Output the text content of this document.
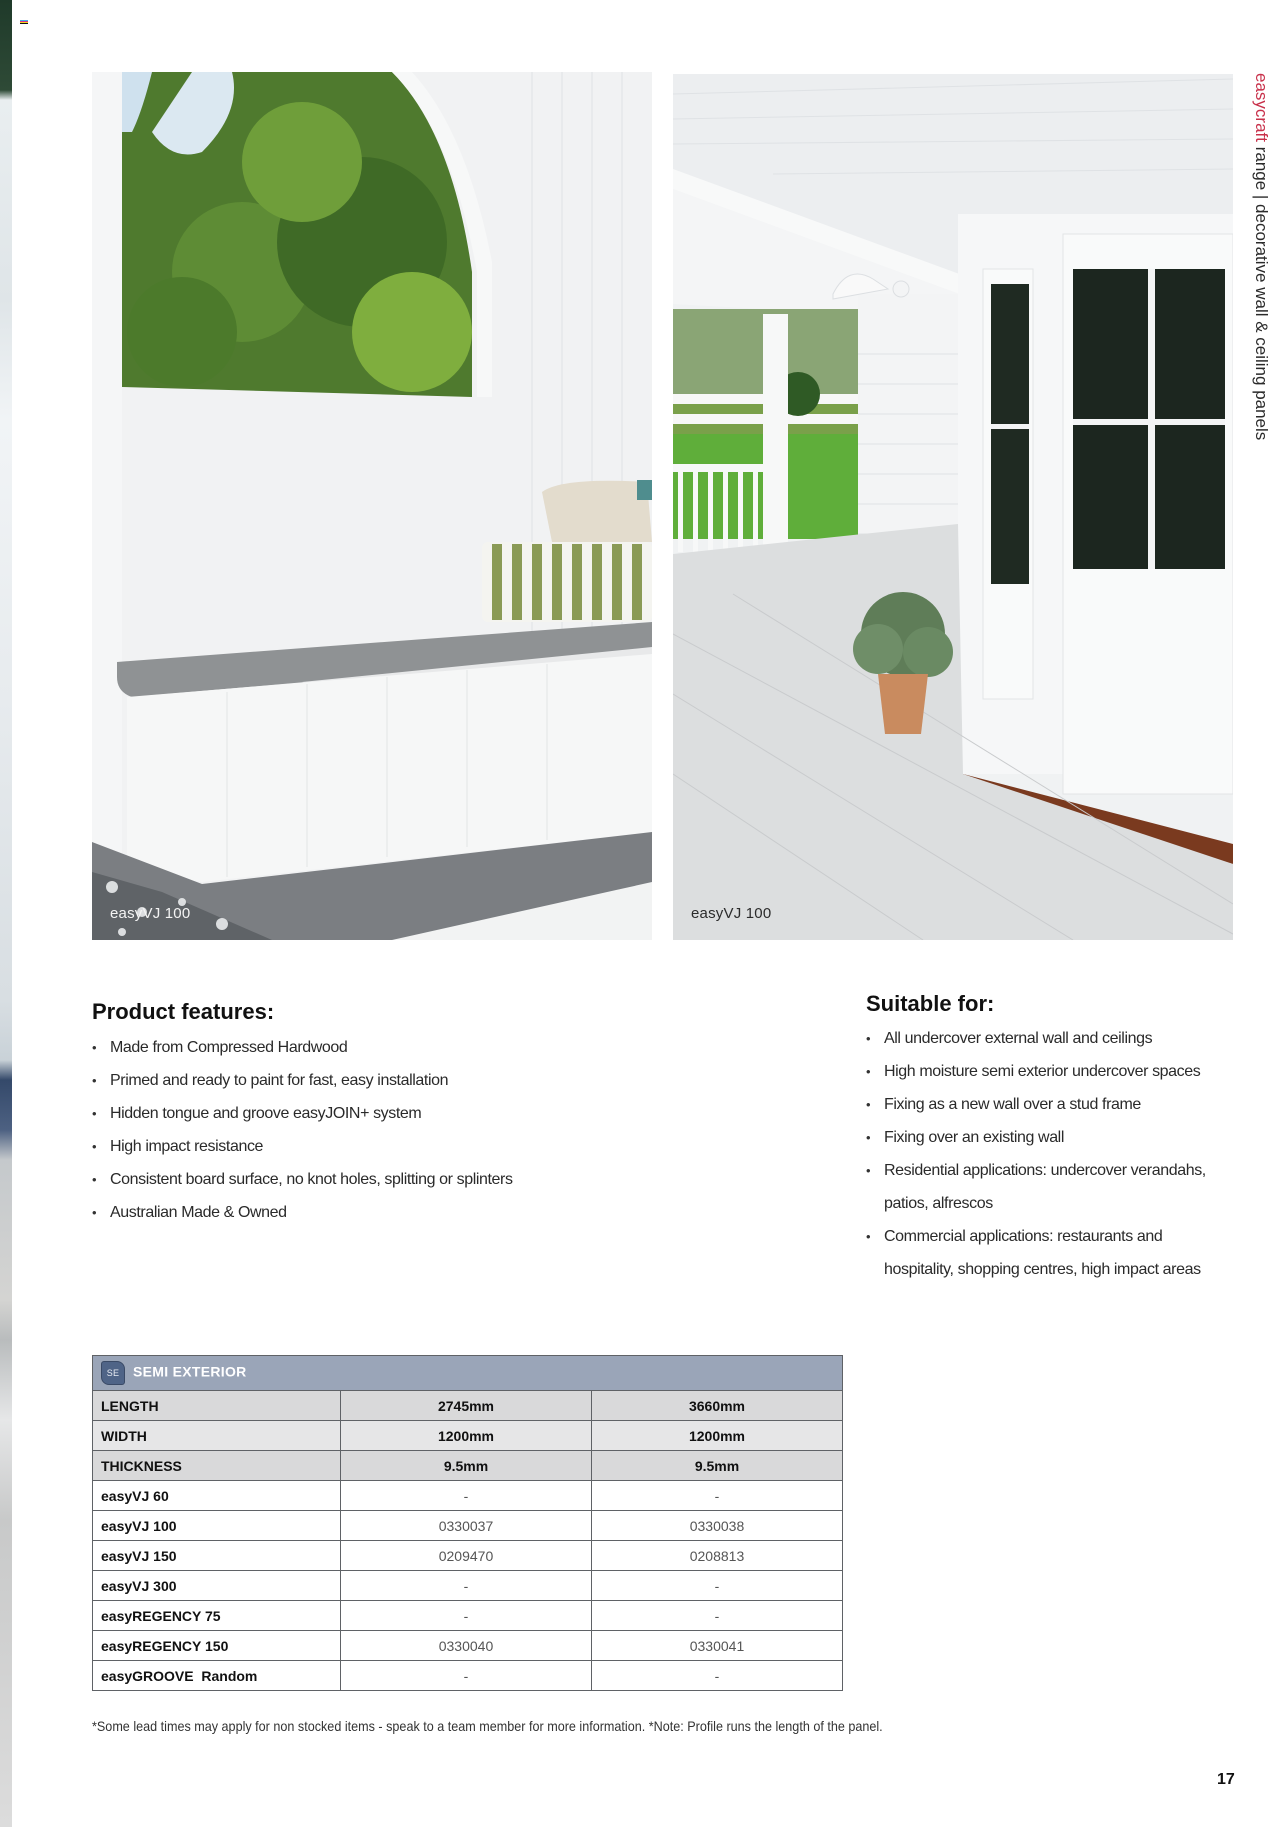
easyVJ 100	easyVJ 100
easycraft range | decorative wall & ceiling panels
Product features:
• Made from Compressed Hardwood
• Primed and ready to paint for fast, easy installation
• Hidden tongue and groove easyJOIN+ system
• High impact resistance
• Consistent board surface, no knot holes, splitting or splinters
• Australian Made & Owned
Suitable for:
• All undercover external wall and ceilings
• High moisture semi exterior undercover spaces
• Fixing as a new wall over a stud frame
• Fixing over an existing wall
• Residential applications: undercover verandahs, patios, alfrescos
• Commercial applications: restaurants and hospitality, shopping centres, high impact areas
SE SEMI EXTERIOR		
LENGTH	2745mm	3660mm
WIDTH	1200mm	1200mm
THICKNESS	9.5mm	9.5mm
easyVJ 60	-	-
easyVJ 100	0330037	0330038
easyVJ 150	0209470	0208813
easyVJ 300	-	-
easyREGENCY 75	-	-
easyREGENCY 150	0330040	0330041
easyGROOVE  Random	-	-
*Some lead times may apply for non stocked items - speak to a team member for more information. *Note: Profile runs the length of the panel.
17
